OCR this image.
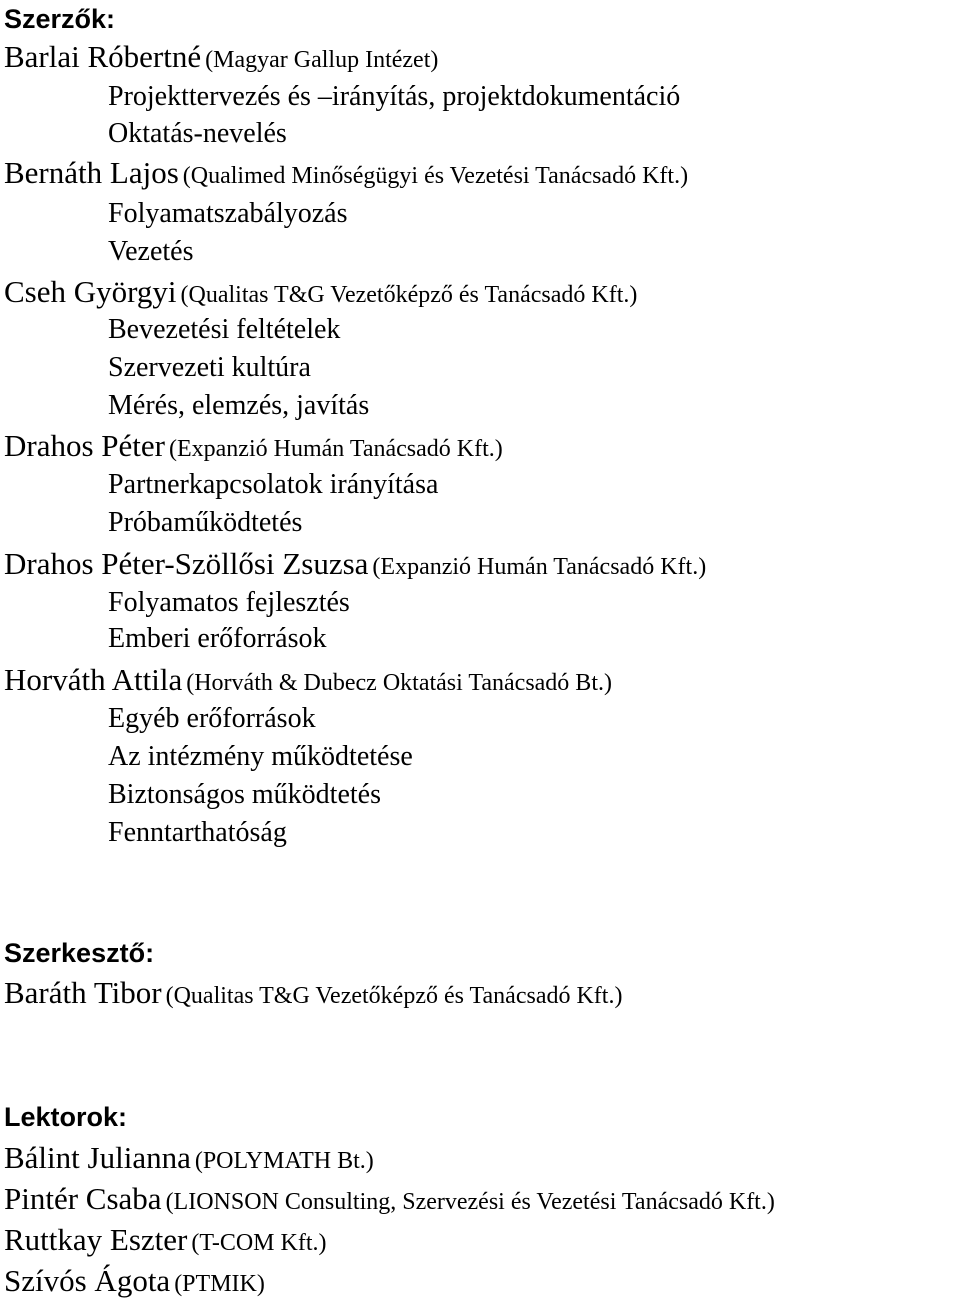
Szerzők:
Barlai Róbertné (Magyar Gallup Intézet)
Projekttervezés és –irányítás, projektdokumentáció
Oktatás-nevelés
Bernáth Lajos (Qualimed Minőségügyi és Vezetési Tanácsadó Kft.)
Folyamatszabályozás
Vezetés
Cseh Györgyi (Qualitas T&G Vezetőképző és Tanácsadó Kft.)
Bevezetési feltételek
Szervezeti kultúra
Mérés, elemzés, javítás
Drahos Péter (Expanzió Humán Tanácsadó Kft.)
Partnerkapcsolatok irányítása
Próbaműködtetés
Drahos Péter-Szöllősi Zsuzsa (Expanzió Humán Tanácsadó Kft.)
Folyamatos fejlesztés
Emberi erőforrások
Horváth Attila (Horváth & Dubecz Oktatási Tanácsadó Bt.)
Egyéb erőforrások
Az intézmény működtetése
Biztonságos működtetés
Fenntarthatóság
Szerkesztő:
Baráth Tibor (Qualitas T&G Vezetőképző és Tanácsadó Kft.)
Lektorok:
Bálint Julianna (POLYMATH Bt.)
Pintér Csaba (LIONSON Consulting, Szervezési és Vezetési Tanácsadó Kft.)
Ruttkay Eszter (T-COM Kft.)
Szívós Ágota (PTMIK)
